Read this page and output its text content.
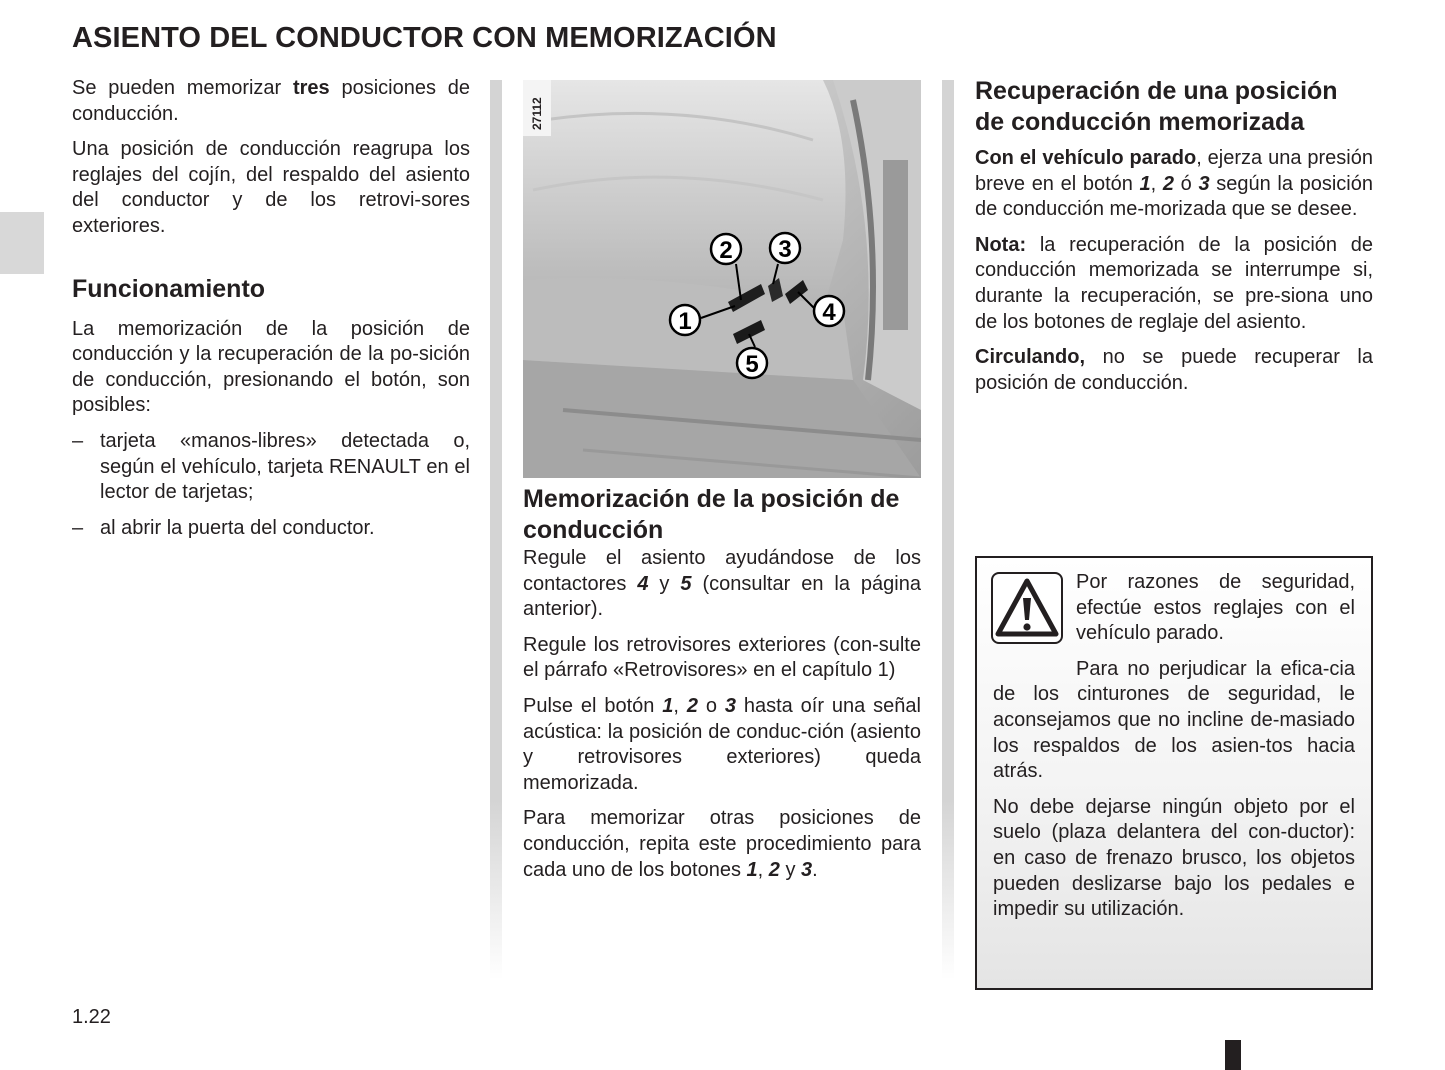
ASIENTO DEL CONDUCTOR CON MEMORIZACIÓN

Se pueden memorizar tres posiciones de conducción.

Una posición de conducción reagrupa los reglajes del cojín, del respaldo del asiento del conductor y de los retrovi-sores exteriores.

Funcionamiento

La memorización de la posición de conducción y la recuperación de la po-sición de conducción, presionando el botón, son posibles:

– tarjeta «manos-libres» detectada o, según el vehículo, tarjeta RENAULT en el lector de tarjetas;
– al abrir la puerta del conductor.
27112
1
2 3
4
5
Memorización de la posición de conducción

Regule el asiento ayudándose de los contactores 4 y 5 (consultar en la página anterior).

Regule los retrovisores exteriores (con-sulte el párrafo «Retrovisores» en el capítulo 1)

Pulse el botón 1, 2 o 3 hasta oír una señal acústica: la posición de conduc-ción (asiento y retrovisores exteriores) queda memorizada.

Para memorizar otras posiciones de conducción, repita este procedimiento para cada uno de los botones 1, 2 y 3.

Recuperación de una posición de conducción memorizada

Con el vehículo parado, ejerza una presión breve en el botón 1, 2 ó 3 según la posición de conducción me-morizada que se desee.

Nota: la recuperación de la posición de conducción memorizada se interrumpe si, durante la recuperación, se pre-siona uno de los botones de reglaje del asiento.

Circulando, no se puede recuperar la posición de conducción.

Por razones de seguridad, efectúe estos reglajes con el vehículo parado.

Para no perjudicar la efica-cia de los cinturones de seguridad, le aconsejamos que no incline de-masiado los respaldos de los asien-tos hacia atrás.

No debe dejarse ningún objeto por el suelo (plaza delantera del con-ductor): en caso de frenazo brusco, los objetos pueden deslizarse bajo los pedales e impedir su utilización.

1.22
